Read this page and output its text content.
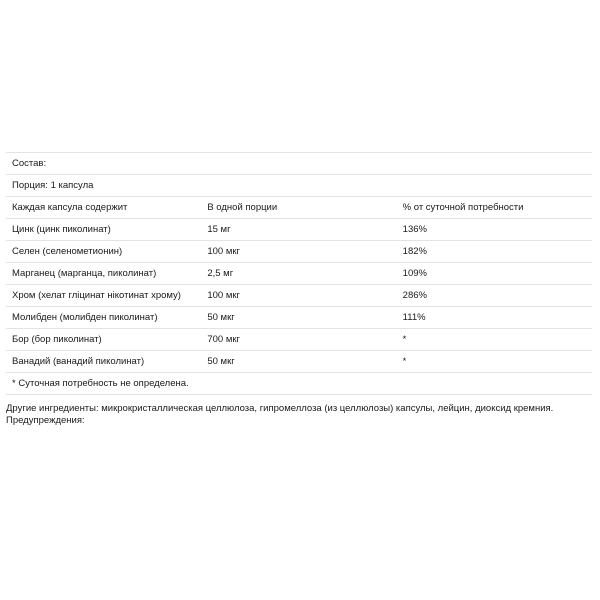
Состав:		
Порция: 1 капсула		
Каждая капсула содержит	В одной порции	% от суточной потребности
Цинк (цинк пиколинат)	15 мг	136%
Селен (селенометионин)	100 мкг	182%
Марганец (марганца, пиколинат)	2,5 мг	109%
Хром (хелат гліцинат нікотинат хрому)	100 мкг	286%
Молибден (молибден пиколинат)	50 мкг	111%
Бор (бор пиколинат)	700 мкг	*
Ванадий (ванадий пиколинат)	50 мкг	*
* Суточная потребность не определена.		

Другие ингредиенты: микрокристаллическая целлюлоза, гипромеллоза (из целлюлозы) капсулы, лейцин, диоксид кремния.

Предупреждения:
